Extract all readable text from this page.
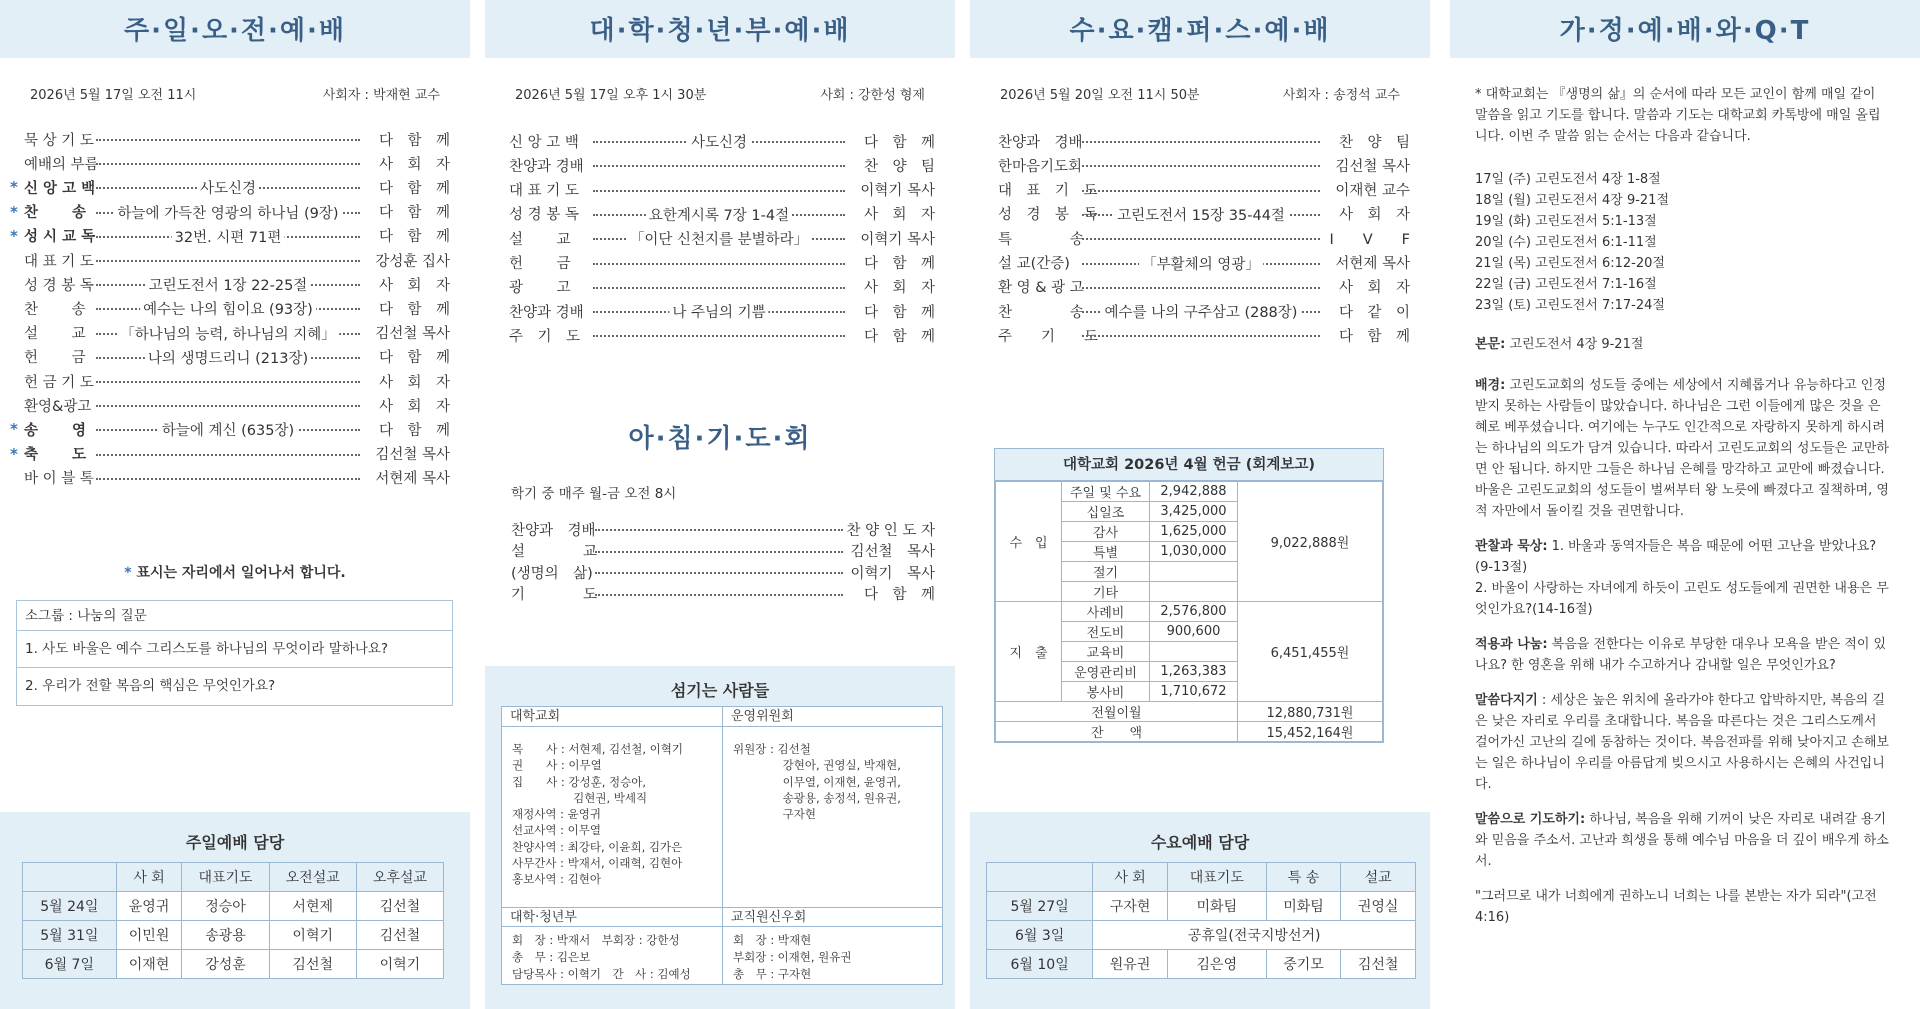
주·일·오·전·예·배
2026년 5월 17일 오전 11시	사회자 : 박재현 교수
묵 상 기 도	다　함　께
예배의 부름	사　회　자
* 신 앙 고 백	사도신경	다　함　께
* 찬　　 송	하늘에 가득찬 영광의 하나님 (9장)	다　함　께
* 성 시 교 독	32번. 시편 71편	다　함　께
대 표 기 도	강성훈 집사
성 경 봉 독	고린도전서 1장 22-25절	사　회　자
찬　　 송	예수는 나의 힘이요 (93장)	다　함　께
설　　 교	「하나님의 능력, 하나님의 지혜」	김선철 목사
헌　　 금	나의 생명드리니 (213장)	다　함　께
헌 금 기 도	사　회　자
환영&광고	사　회　자
* 송　　 영	하늘에 계신 (635장)	다　함　께
* 축　　 도	김선철 목사
바 이 블 톡	서현제 목사
* 표시는 자리에서 일어나서 합니다.
소그룹 : 나눔의 질문
1. 사도 바울은 예수 그리스도를 하나님의 무엇이라 말하나요?
2. 우리가 전할 복음의 핵심은 무엇인가요?
주일예배 담당
	사 회	대표기도	오전설교	오후설교
5월 24일	윤영귀	정승아	서현제	김선철
5월 31일	이민원	송광용	이혁기	김선철
6월 7일	이재현	강성훈	김선철	이혁기
대·학·청·년·부·예·배
2026년 5월 17일 오후 1시 30분	사회 : 강한성 형제
신 앙 고 백	사도신경	다　함　께
찬양과 경배	찬　양　팀
대 표 기 도	이혁기 목사
성 경 봉 독	요한계시록 7장 1-4절	사　회　자
설　　 교	「이단 신천지를 분별하라」	이혁기 목사
헌　　 금	다　함　께
광　　 고	사　회　자
찬양과 경배	나 주님의 기쁨	다　함　께
주　기　도	다　함　께
아·침·기·도·회
학기 중 매주 월-금 오전 8시
찬양과　경배	찬 양 인 도 자
설　　　　교	김선철　목사
(생명의　삶)	이혁기　목사
기　　　　도	다　함　께
섬기는 사람들
대학교회	운영위원회
목　　사 : 서현제, 김선철, 이혁기
권　　사 : 이무열
집　　사 : 강성훈, 정승아,
　　　　　 김현권, 박세직
재정사역 : 윤영귀
선교사역 : 이무열
찬양사역 : 최강타, 이윤희, 김가은
사무간사 : 박재서, 이래혁, 김현아
홍보사역 : 김현아
위원장 : 김선철
　　　　 강현아, 권영실, 박재현,
　　　　 이무열, 이재현, 윤영귀,
　　　　 송광용, 송정석, 원유권,
　　　　 구자현
대학·청년부	교직원신우회
회　장 : 박재서　부회장 : 강한성
총　무 : 김은보
담당목사 : 이혁기　간　사 : 김예성
회　장 : 박재현
부회장 : 이재현, 원유권
총　무 : 구자현
수·요·캠·퍼·스·예·배
2026년 5월 20일 오전 11시 50분	사회자 : 송정석 교수
찬양과　경배	찬　양　팀
한마음기도회	김선철 목사
대　표　기　도	이재현 교수
성　경　봉　독 고린도전서 15장 35-44절	사　회　자
특　　　　송	I　　V　　F
설 교(간증)	「부활체의 영광」	서현제 목사
환 영 & 광 고	사　회　자
찬　　　　송 예수를 나의 구주삼고 (288장)	다　같　이
주　　기　　도	다　함　께
대학교회 2026년 4월 헌금 (회계보고)
수　입	주일 및 수요	2,942,888	9,022,888원
	십일조	3,425,000	
	감사	1,625,000	
	특별	1,030,000	
	절기		
	기타		
지　출	사례비	2,576,800	6,451,455원
	전도비	900,600	
	교육비		
	운영관리비	1,263,383	
	봉사비	1,710,672	
전월이월			12,880,731원
잔　　액			15,452,164원
수요예배 담당
	사 회	대표기도	특 송	설교
5월 27일	구자현	미화팀	미화팀	권영실
6월 3일	공휴일(전국지방선거)			
6월 10일	원유권	김은영	중기모	김선철
가·정·예·배·와·Q·T

* 대학교회는 『생명의 삶』의 순서에 따라 모든 교인이 함께 매일 같이 말씀을 읽고 기도를 합니다. 말씀과 기도는 대학교회 카톡방에 매일 올립니다. 이번 주 말씀 읽는 순서는 다음과 같습니다.

17일 (주) 고린도전서 4장 1-8절
18일 (월) 고린도전서 4장 9-21절
19일 (화) 고린도전서 5:1-13절
20일 (수) 고린도전서 6:1-11절
21일 (목) 고린도전서 6:12-20절
22일 (금) 고린도전서 7:1-16절
23일 (토) 고린도전서 7:17-24절

본문: 고린도전서 4장 9-21절

배경: 고린도교회의 성도들 중에는 세상에서 지혜롭거나 유능하다고 인정받지 못하는 사람들이 많았습니다. 하나님은 그런 이들에게 많은 것을 은혜로 베푸셨습니다. 여기에는 누구도 인간적으로 자랑하지 못하게 하시려는 하나님의 의도가 담겨 있습니다. 따라서 고린도교회의 성도들은 교만하면 안 됩니다. 하지만 그들은 하나님 은혜를 망각하고 교만에 빠졌습니다. 바울은 고린도교회의 성도들이 벌써부터 왕 노릇에 빠졌다고 질책하며, 영적 자만에서 돌이킬 것을 권면합니다.

관찰과 묵상: 1. 바울과 동역자들은 복음 때문에 어떤 고난을 받았나요?(9-13절)

2. 바울이 사랑하는 자녀에게 하듯이 고린도 성도들에게 권면한 내용은 무엇인가요?(14-16절)

적용과 나눔: 복음을 전한다는 이유로 부당한 대우나 모욕을 받은 적이 있나요? 한 영혼을 위해 내가 수고하거나 감내할 일은 무엇인가요?

말씀다지기 : 세상은 높은 위치에 올라가야 한다고 압박하지만, 복음의 길은 낮은 자리로 우리를 초대합니다. 복음을 따른다는 것은 그리스도께서 걸어가신 고난의 길에 동참하는 것이다. 복음전파를 위해 낮아지고 손해보는 일은 하나님이 우리를 아름답게 빚으시고 사용하시는 은혜의 사건입니다.

말씀으로 기도하기: 하나님, 복음을 위해 기꺼이 낮은 자리로 내려갈 용기와 믿음을 주소서. 고난과 희생을 통해 예수님 마음을 더 깊이 배우게 하소서.

"그러므로 내가 너희에게 권하노니 너희는 나를 본받는 자가 되라"(고전 4:16)
